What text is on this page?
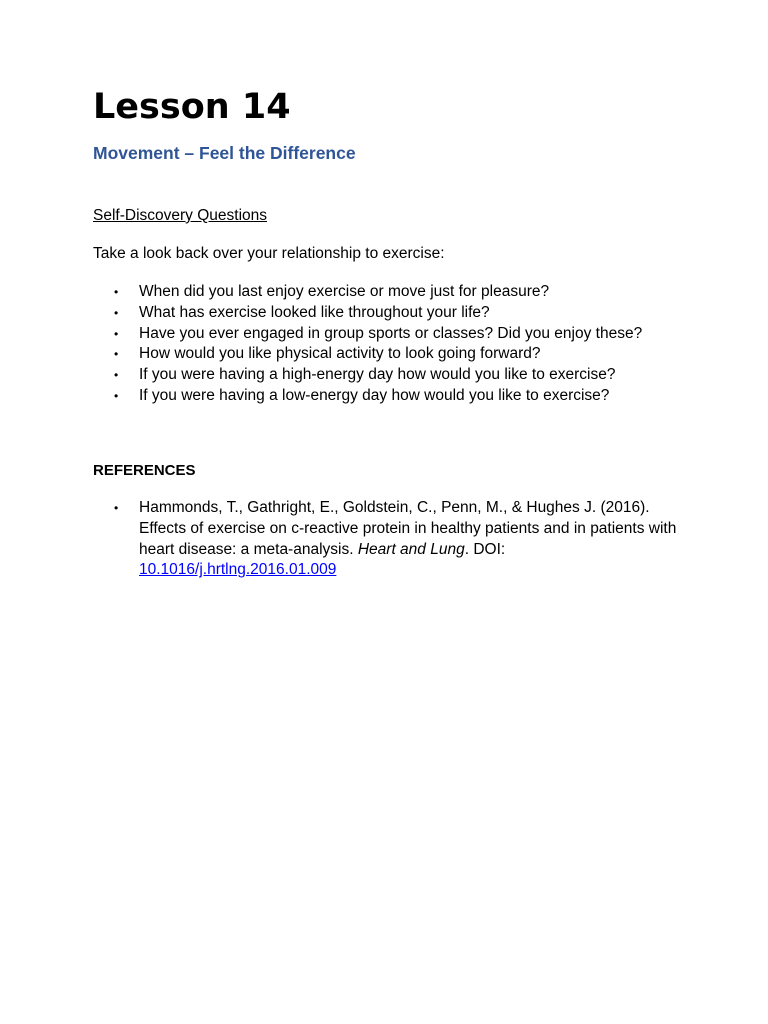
Lesson 14
Movement – Feel the Difference

Self-Discovery Questions

Take a look back over your relationship to exercise:

• When did you last enjoy exercise or move just for pleasure?
• What has exercise looked like throughout your life?
• Have you ever engaged in group sports or classes? Did you enjoy these?
• How would you like physical activity to look going forward?
• If you were having a high-energy day how would you like to exercise?
• If you were having a low-energy day how would you like to exercise?

REFERENCES

• Hammonds, T., Gathright, E., Goldstein, C., Penn, M., & Hughes J. (2016). Effects of exercise on c-reactive protein in healthy patients and in patients with heart disease: a meta-analysis. Heart and Lung. DOI: 10.1016/j.hrtlng.2016.01.009
